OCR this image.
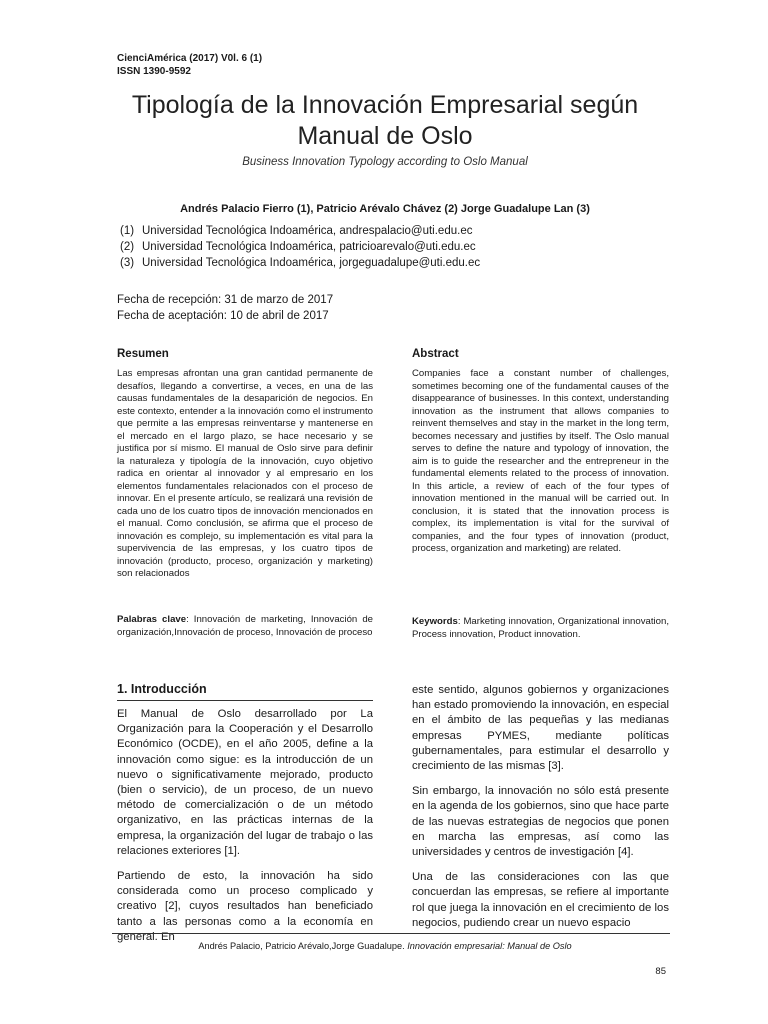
CienciAmérica (2017) V0l. 6 (1)
ISSN 1390-9592
Tipología de la Innovación Empresarial según Manual de Oslo
Business Innovation Typology according to Oslo Manual
Andrés Palacio Fierro (1), Patricio Arévalo Chávez (2) Jorge Guadalupe Lan (3)
(1) Universidad Tecnológica Indoamérica, andrespalacio@uti.edu.ec
(2) Universidad Tecnológica Indoamérica, patricioarevalo@uti.edu.ec
(3) Universidad Tecnológica Indoamérica, jorgeguadalupe@uti.edu.ec
Fecha de recepción: 31 de marzo de 2017
Fecha de aceptación: 10 de abril de 2017
Resumen

Las empresas afrontan una gran cantidad permanente de desafíos, llegando a convertirse, a veces, en una de las causas fundamentales de la desaparición de negocios. En este contexto, entender a la innovación como el instrumento que permite a las empresas reinventarse y mantenerse en el mercado en el largo plazo, se hace necesario y se justifica por sí mismo. El manual de Oslo sirve para definir la naturaleza y tipología de la innovación, cuyo objetivo radica en orientar al innovador y al empresario en los elementos fundamentales relacionados con el proceso de innovar. En el presente artículo, se realizará una revisión de cada uno de los cuatro tipos de innovación mencionados en el manual. Como conclusión, se afirma que el proceso de innovación es complejo, su implementación es vital para la supervivencia de las empresas, y los cuatro tipos de innovación (producto, proceso, organización y marketing) son relacionados

Palabras clave: Innovación de marketing, Innovación de organización,Innovación de proceso, Innovación de proceso

Abstract

Companies face a constant number of challenges, sometimes becoming one of the fundamental causes of the disappearance of businesses. In this context, understanding innovation as the instrument that allows companies to reinvent themselves and stay in the market in the long term, becomes necessary and justifies by itself. The Oslo manual serves to define the nature and typology of innovation, the aim is to guide the researcher and the entrepreneur in the fundamental elements related to the process of innovation. In this article, a review of each of the four types of innovation mentioned in the manual will be carried out. In conclusion, it is stated that the innovation process is complex, its implementation is vital for the survival of companies, and the four types of innovation (product, process, organization and marketing) are related.

Keywords: Marketing innovation, Organizational innovation, Process innovation, Product innovation.

1. Introducción

El Manual de Oslo desarrollado por La Organización para la Cooperación y el Desarrollo Económico (OCDE), en el año 2005, define a la innovación como sigue: es la introducción de un nuevo o significativamente mejorado, producto (bien o servicio), de un proceso, de un nuevo método de comercialización o de un método organizativo, en las prácticas internas de la empresa, la organización del lugar de trabajo o las relaciones exteriores [1].

Partiendo de esto, la innovación ha sido considerada como un proceso complicado y creativo [2], cuyos resultados han beneficiado tanto a las personas como a la economía en general. En

este sentido, algunos gobiernos y organizaciones han estado promoviendo la innovación, en especial en el ámbito de las pequeñas y las medianas empresas PYMES, mediante políticas gubernamentales, para estimular el desarrollo y crecimiento de las mismas [3].

Sin embargo, la innovación no sólo está presente en la agenda de los gobiernos, sino que hace parte de las nuevas estrategias de negocios que ponen en marcha las empresas, así como las universidades y centros de investigación [4].

Una de las consideraciones con las que concuerdan las empresas, se refiere al importante rol que juega la innovación en el crecimiento de los negocios, pudiendo crear un nuevo espacio

Andrés Palacio, Patricio Arévalo,Jorge Guadalupe. Innovación empresarial: Manual de Oslo
85
